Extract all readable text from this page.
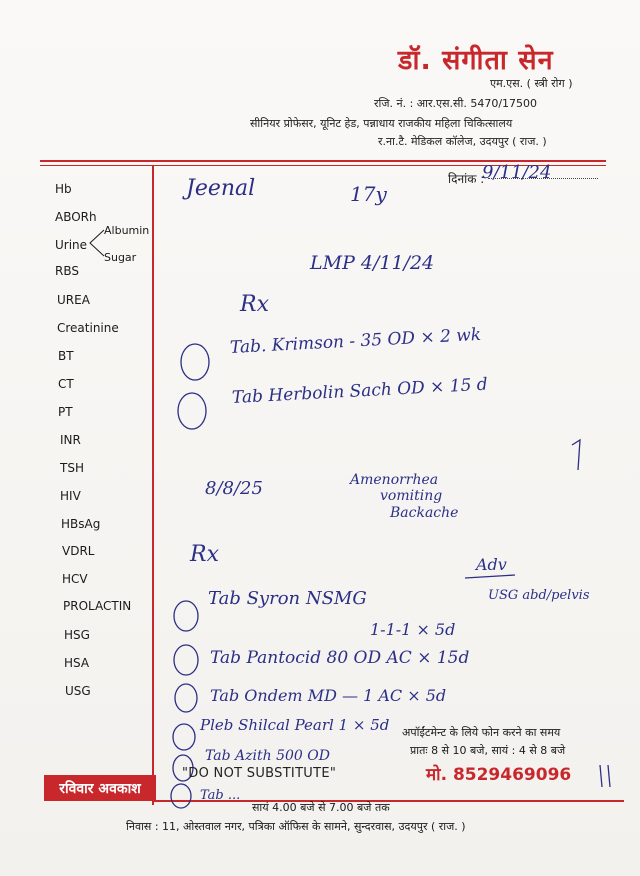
डॉ. संगीता सेन
एम.एस. ( स्त्री रोग )
रजि. नं. : आर.एस.सी. 5470/17500
सीनियर प्रोफेसर, यूनिट हेड, पन्नाधाय राजकीय महिला चिकित्सालय
र.ना.टै. मेडिकल कॉलेज, उदयपुर ( राज. )
दिनांक :
Hb
ABORh
Urine
Albumin
Sugar
RBS
UREA
Creatinine
BT
CT
PT
INR
TSH
HIV
HBsAg
VDRL
HCV
PROLACTIN
HSG
HSA
USG
Jeenal	17y
9/11/24
LMP 4/11/24
Rx
Tab. Krimson - 35 OD × 2 wk
Tab Herbolin Sach OD × 15 d
8/8/25	Amenorrhea
vomiting
Backache
Rx	Adv
Tab Syron NSMG	USG abd/pelvis
1-1-1 × 5d
Tab Pantocid 80 OD AC × 15d
Tab Ondem MD — 1 AC × 5d
Pleb Shilcal Pearl 1 × 5d
Tab Azith 500 OD
Tab ...
रविवार अवकाश
"DO NOT SUBSTITUTE"
अपॉईंटमेन्ट के लिये फोन करने का समय
प्रातः 8 से 10 बजे, सायं : 4 से 8 बजे
मो. 8529469096
सायं 4.00 बजे से 7.00 बजे तक
निवास : 11, ओस्तवाल नगर, पत्रिका ऑफिस के सामने, सुन्दरवास, उदयपुर ( राज. )
